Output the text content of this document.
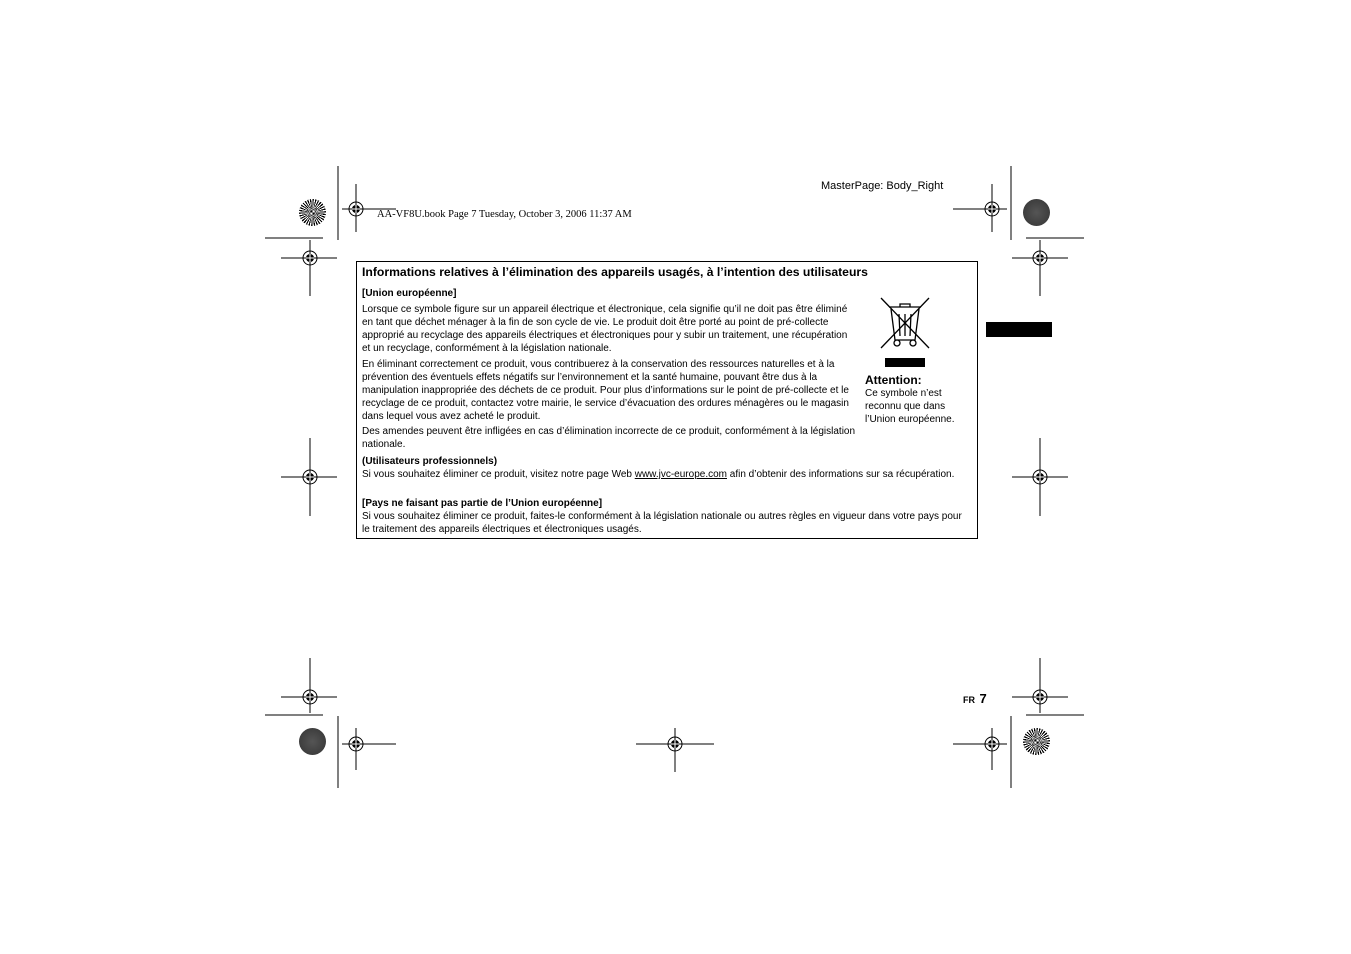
MasterPage: Body_Right
AA-VF8U.book Page 7 Tuesday, October 3, 2006 11:37 AM
Informations relatives à l’élimination des appareils usagés, à l’intention des utilisateurs
[Union européenne]
Lorsque ce symbole figure sur un appareil électrique et électronique, cela signifie qu’il ne doit pas être éliminé en tant que déchet ménager à la fin de son cycle de vie. Le produit doit être porté au point de pré-collecte approprié au recyclage des appareils électriques et électroniques pour y subir un traitement, une récupération et un recyclage, conformément à la législation nationale.
En éliminant correctement ce produit, vous contribuerez à la conservation des ressources naturelles et à la prévention des éventuels effets négatifs sur l’environnement et la santé humaine, pouvant être dus à la manipulation inappropriée des déchets de ce produit. Pour plus d’informations sur le point de pré-collecte et le recyclage de ce produit, contactez votre mairie, le service d’évacuation des ordures ménagères ou le magasin dans lequel vous avez acheté le produit.
Des amendes peuvent être infligées en cas d’élimination incorrecte de ce produit, conformément à la législation nationale.
(Utilisateurs professionnels)
Si vous souhaitez éliminer ce produit, visitez notre page Web www.jvc-europe.com afin d’obtenir des informations sur sa récupération.
[Pays ne faisant pas partie de l’Union européenne]
Si vous souhaitez éliminer ce produit, faites-le conformément à la législation nationale ou autres règles en vigueur dans votre pays pour le traitement des appareils électriques et électroniques usagés.
Attention:
Ce symbole n’est reconnu que dans l’Union européenne.
FR 7
